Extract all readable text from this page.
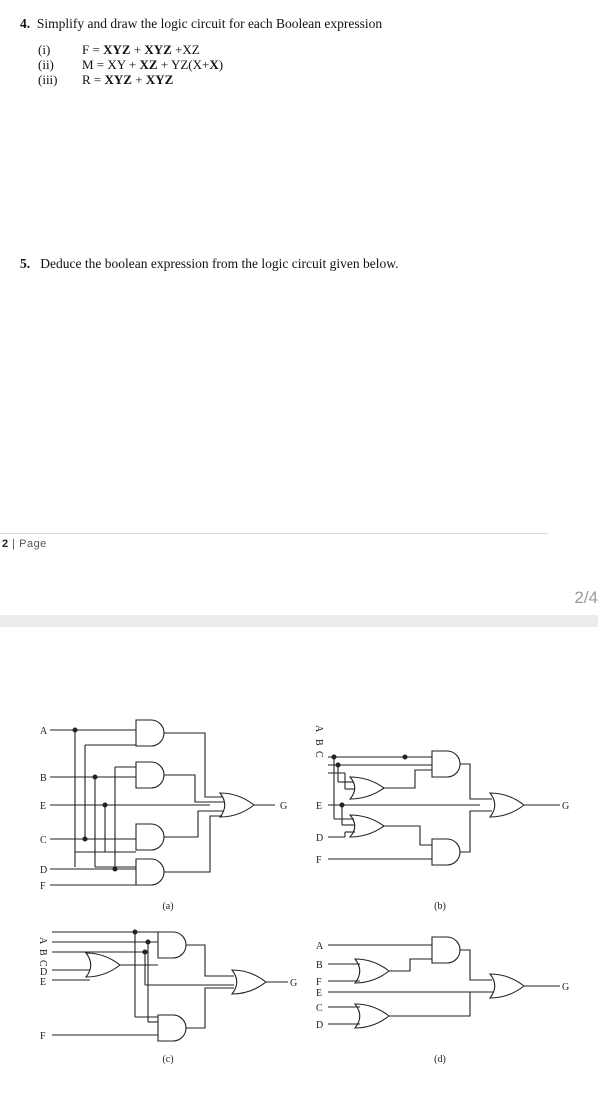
4. Simplify and draw the logic circuit for each Boolean expression
(i)	F = XYZ + XYZ +XZ
(ii)	M = XY + XZ + YZ(X+X)
(iii)	R = XYZ + XYZ
5. Deduce the boolean expression from the logic circuit given below.
2 | Page
2/4
A
B
E
C
D
F
G
(a)
A
B
C
E
D
F
G
(b)
A
B
C
D
E
F
G
(c)
A
B
F
E
C
D
G
(d)
